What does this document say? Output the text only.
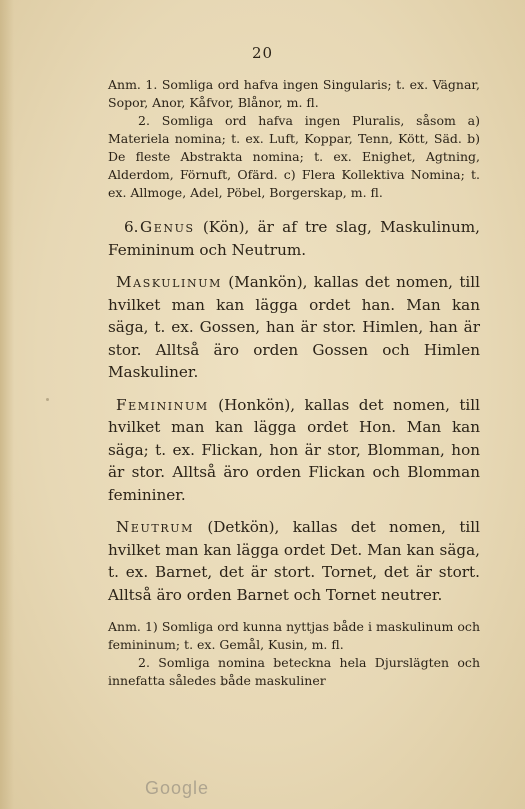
20

Anm. 1. Somliga ord hafva ingen Singularis; t. ex. Vägnar, Sopor, Anor, Kåfvor, Blånor, m. fl.

2. Somliga ord hafva ingen Pluralis, såsom a) Materiela nomina; t. ex. Luft, Koppar, Tenn, Kött, Säd. b) De fleste Abstrakta nomina; t. ex. Enighet, Agtning, Alderdom, Förnuft, Ofärd. c) Flera Kollektiva Nomina; t. ex. Allmoge, Adel, Pöbel, Borgerskap, m. fl.

6.Genus (Kön), är af tre slag, Maskulinum, Femininum och Neutrum.

Maskulinum (Mankön), kallas det nomen, till hvilket man kan lägga ordet han. Man kan säga, t. ex. Gossen, han är stor. Himlen, han är stor. Alltså äro orden Gossen och Himlen Maskuliner.

Femininum (Honkön), kallas det nomen, till hvilket man kan lägga ordet Hon. Man kan säga; t. ex. Flickan, hon är stor, Blomman, hon är stor. Alltså äro orden Flickan och Blomman femininer.

Neutrum (Detkön), kallas det nomen, till hvilket man kan lägga ordet Det. Man kan säga, t. ex. Barnet, det är stort. Tornet, det är stort. Alltså äro orden Barnet och Tornet neutrer.

Anm. 1) Somliga ord kunna nyttjas både i maskulinum och femininum; t. ex. Gemål, Kusin, m. fl.

2. Somliga nomina beteckna hela Djurslägten och innefatta således både maskuliner

Google
